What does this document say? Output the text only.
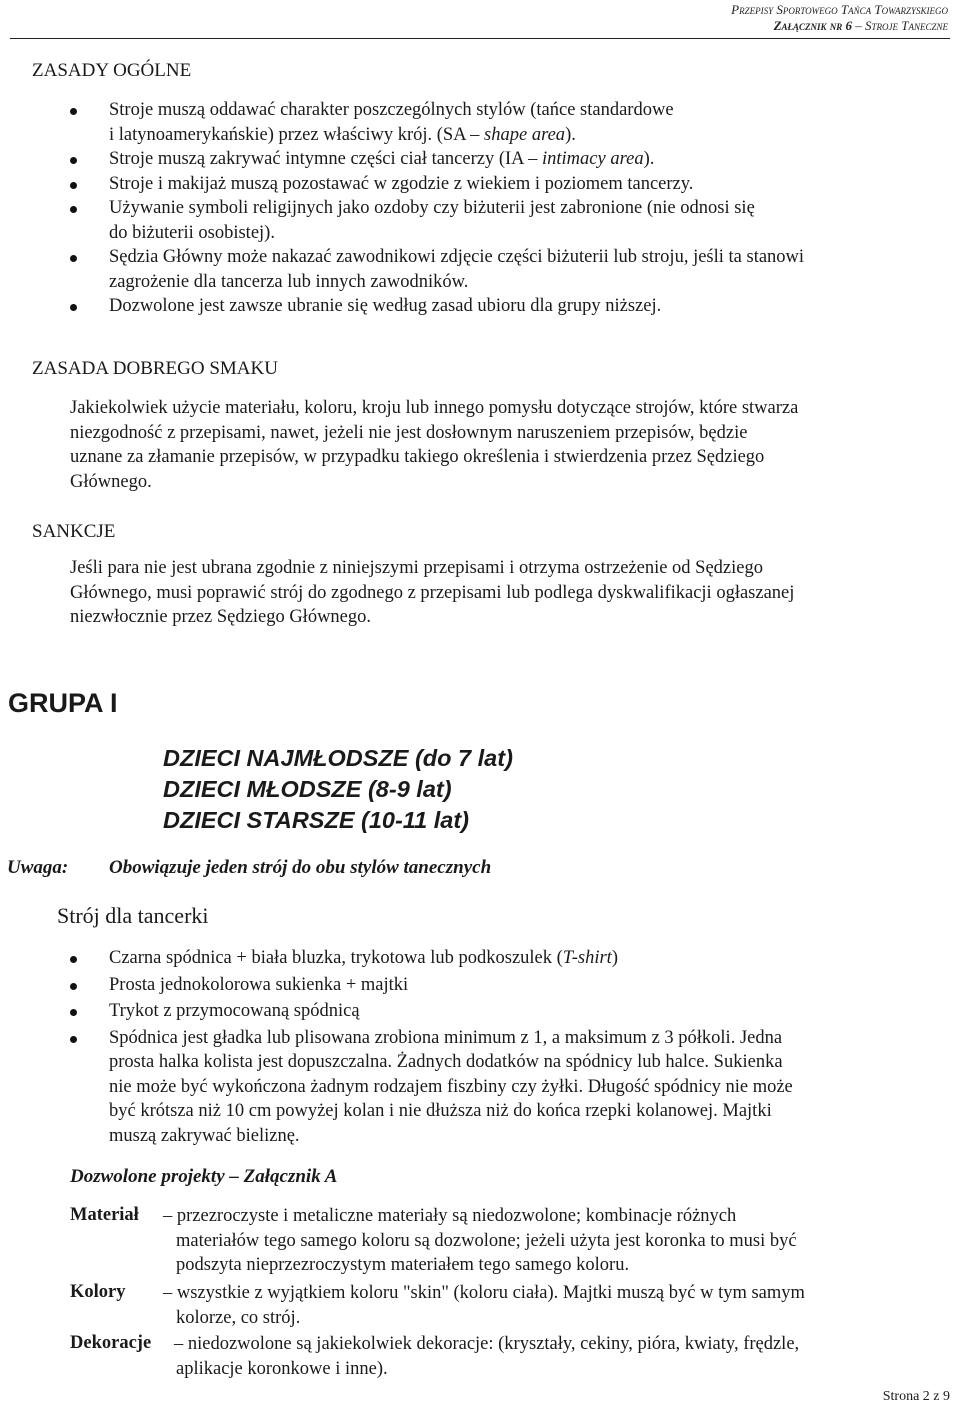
Przepisy Sportowego Tańca Towarzyskiego
Załącznik nr 6 – Stroje Taneczne
ZASADY OGÓLNE
Stroje muszą oddawać charakter poszczególnych stylów (tańce standardowe
i latynoamerykańskie) przez właściwy krój. (SA – shape area).
Stroje muszą zakrywać intymne części ciał tancerzy (IA – intimacy area).
Stroje i makijaż muszą pozostawać w zgodzie z wiekiem i poziomem tancerzy.
Używanie symboli religijnych jako ozdoby czy biżuterii jest zabronione (nie odnosi się
do biżuterii osobistej).
Sędzia Główny może nakazać zawodnikowi zdjęcie części biżuterii lub stroju, jeśli ta stanowi
zagrożenie dla tancerza lub innych zawodników.
Dozwolone jest zawsze ubranie się według zasad ubioru dla grupy niższej.
ZASADA DOBREGO SMAKU
Jakiekolwiek użycie materiału, koloru, kroju lub innego pomysłu dotyczące strojów, które stwarza
niezgodność z przepisami, nawet, jeżeli nie jest dosłownym naruszeniem przepisów, będzie
uznane za złamanie przepisów, w przypadku takiego określenia i stwierdzenia przez Sędziego
Głównego.
SANKCJE
Jeśli para nie jest ubrana zgodnie z niniejszymi przepisami i otrzyma ostrzeżenie od Sędziego
Głównego, musi poprawić strój do zgodnego z przepisami lub podlega dyskwalifikacji ogłaszanej
niezwłocznie przez Sędziego Głównego.
GRUPA I
DZIECI NAJMŁODSZE (do 7 lat)
DZIECI MŁODSZE (8-9 lat)
DZIECI STARSZE (10-11 lat)
Uwaga: Obowiązuje jeden strój do obu stylów tanecznych
Strój dla tancerki
Czarna spódnica + biała bluzka, trykotowa lub podkoszulek (T-shirt)
Prosta jednokolorowa sukienka + majtki
Trykot z przymocowaną spódnicą
Spódnica jest gładka lub plisowana zrobiona minimum z 1, a maksimum z 3 półkoli. Jedna
prosta halka kolista jest dopuszczalna. Żadnych dodatków na spódnicy lub halce. Sukienka
nie może być wykończona żadnym rodzajem fiszbiny czy żyłki. Długość spódnicy nie może
być krótsza niż 10 cm powyżej kolan i nie dłuższa niż do końca rzepki kolanowej. Majtki
muszą zakrywać bieliznę.
Dozwolone projekty – Załącznik A
Materiał – przezroczyste i metaliczne materiały są niedozwolone; kombinacje różnych
materiałów tego samego koloru są dozwolone; jeżeli użyta jest koronka to musi być
podszyta nieprzezroczystym materiałem tego samego koloru.
Kolory – wszystkie z wyjątkiem koloru "skin" (koloru ciała). Majtki muszą być w tym samym
kolorze, co strój.
Dekoracje – niedozwolone są jakiekolwiek dekoracje: (kryształy, cekiny, pióra, kwiaty, frędzle,
aplikacje koronkowe i inne).
Strona 2 z 9
